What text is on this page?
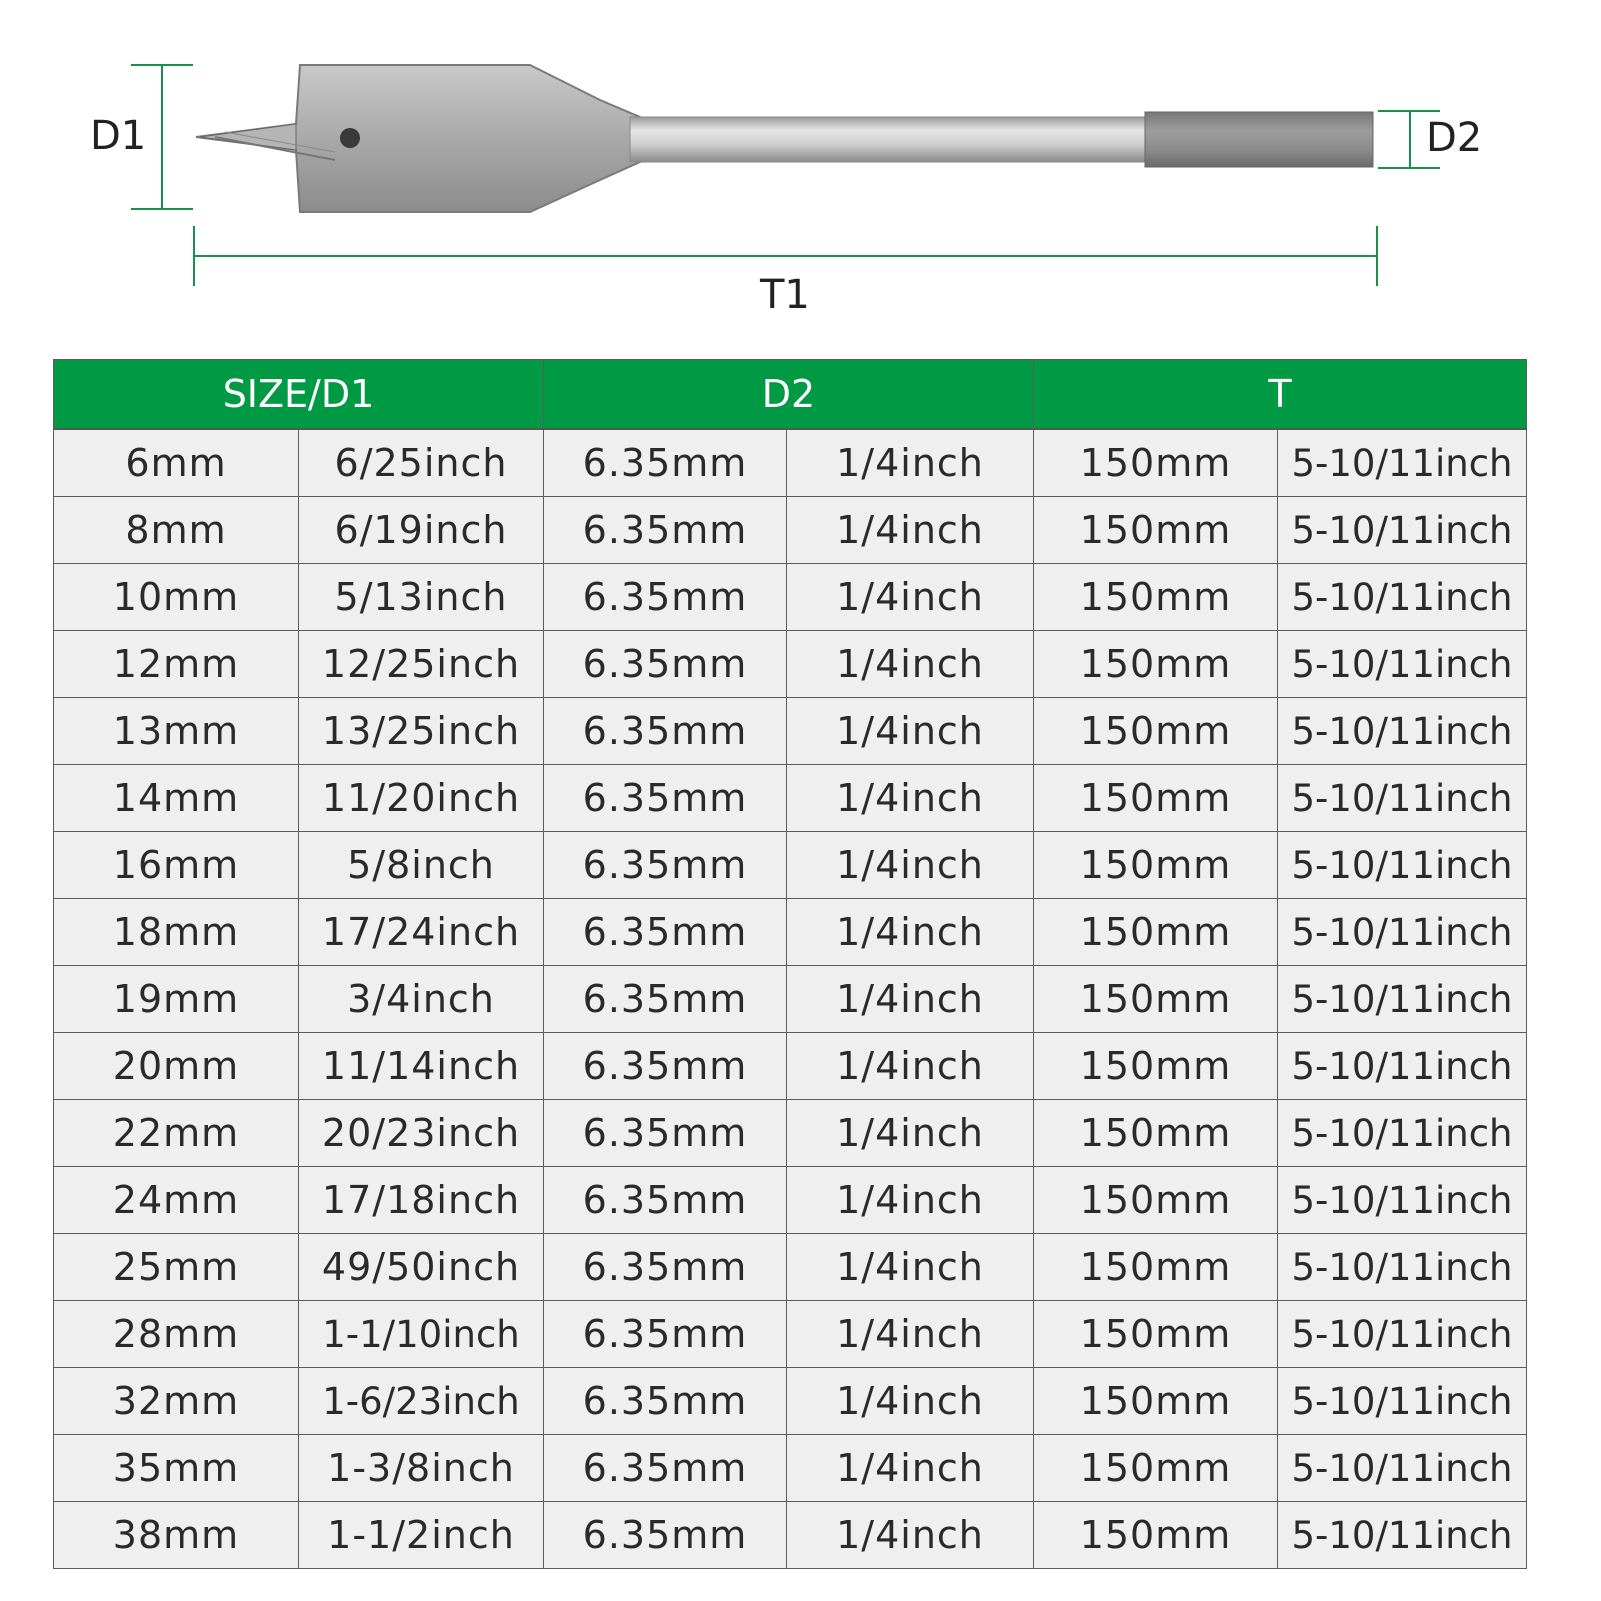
D1	D2
T1
SIZE/D1		D2		T	
6mm	6/25inch	6.35mm	1/4inch	150mm	5-10/11inch
8mm	6/19inch	6.35mm	1/4inch	150mm	5-10/11inch
10mm	5/13inch	6.35mm	1/4inch	150mm	5-10/11inch
12mm	12/25inch	6.35mm	1/4inch	150mm	5-10/11inch
13mm	13/25inch	6.35mm	1/4inch	150mm	5-10/11inch
14mm	11/20inch	6.35mm	1/4inch	150mm	5-10/11inch
16mm	5/8inch	6.35mm	1/4inch	150mm	5-10/11inch
18mm	17/24inch	6.35mm	1/4inch	150mm	5-10/11inch
19mm	3/4inch	6.35mm	1/4inch	150mm	5-10/11inch
20mm	11/14inch	6.35mm	1/4inch	150mm	5-10/11inch
22mm	20/23inch	6.35mm	1/4inch	150mm	5-10/11inch
24mm	17/18inch	6.35mm	1/4inch	150mm	5-10/11inch
25mm	49/50inch	6.35mm	1/4inch	150mm	5-10/11inch
28mm	1-1/10inch	6.35mm	1/4inch	150mm	5-10/11inch
32mm	1-6/23inch	6.35mm	1/4inch	150mm	5-10/11inch
35mm	1-3/8inch	6.35mm	1/4inch	150mm	5-10/11inch
38mm	1-1/2inch	6.35mm	1/4inch	150mm	5-10/11inch
